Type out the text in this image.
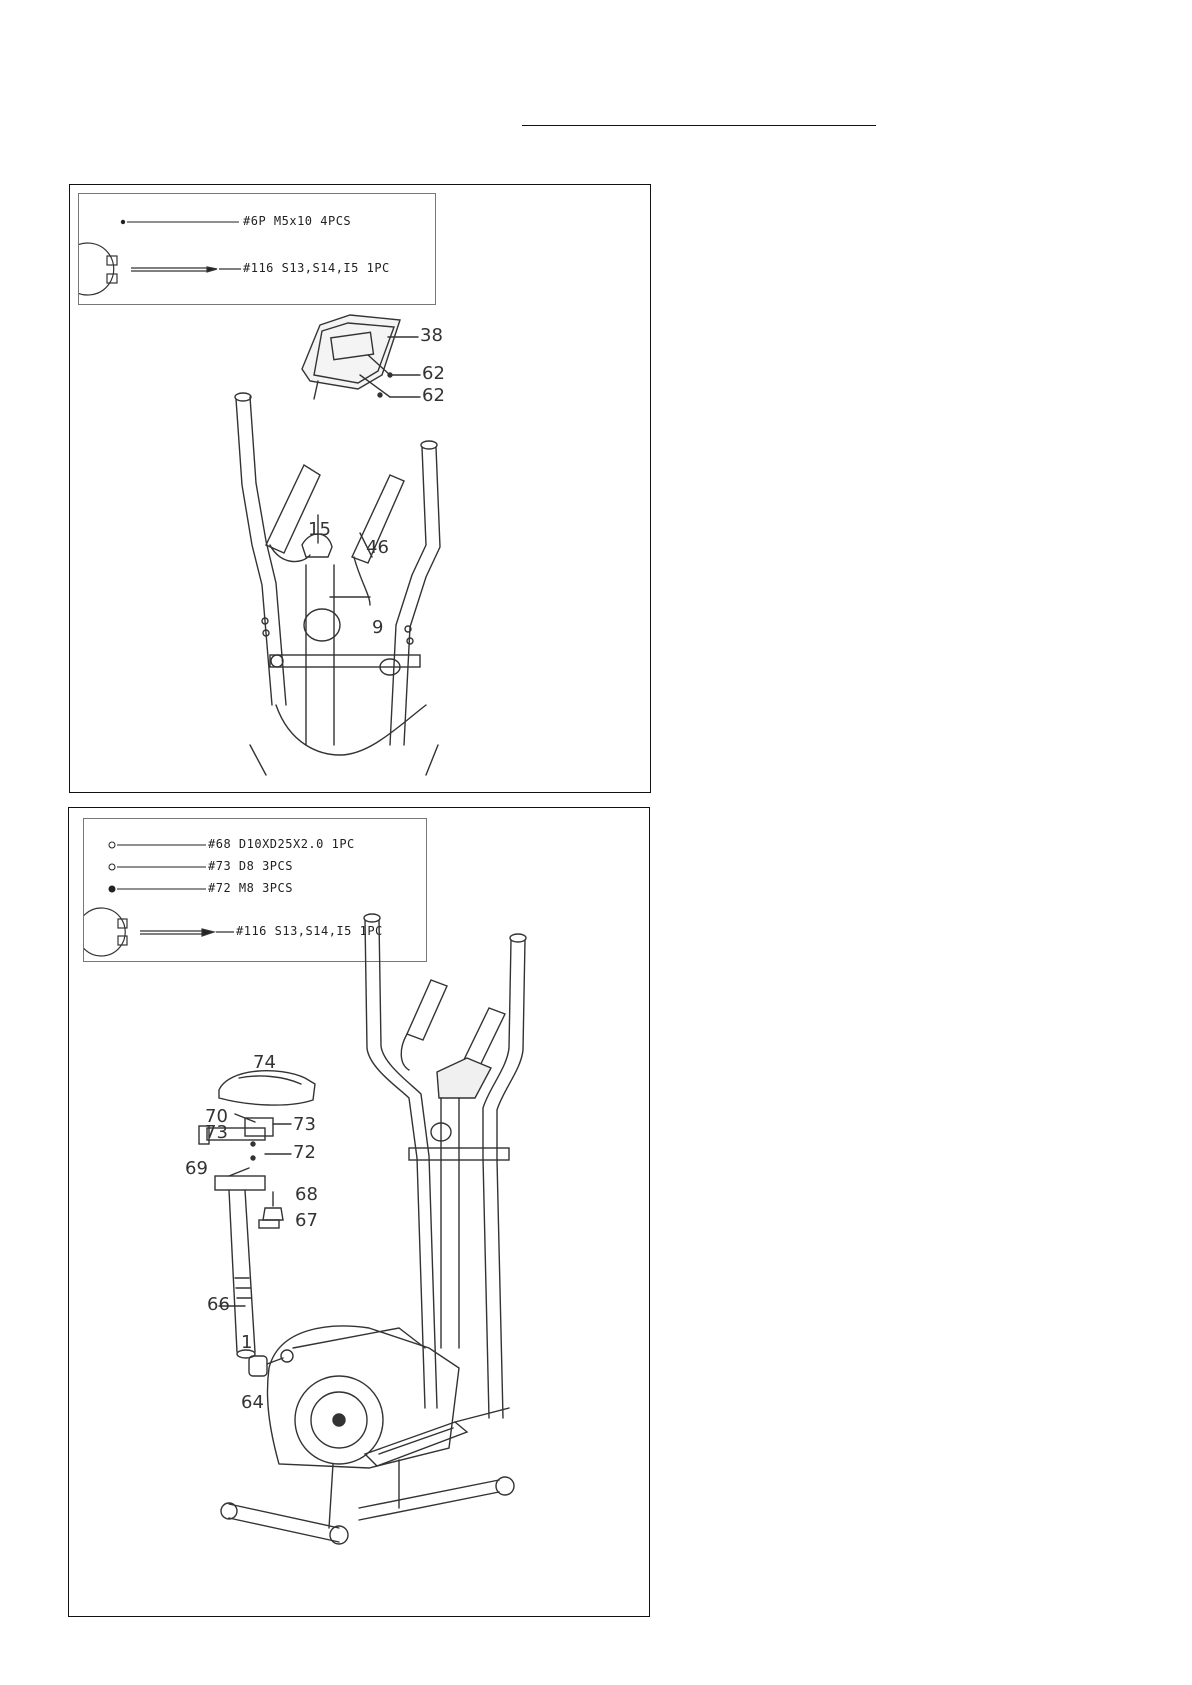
#6P M5x10 4PCS
#116 S13,S14,I5 1PC
38
62
62
15
46
9
#68 D10XD25X2.0 1PC
#73 D8 3PCS
#72 M8 3PCS
#116 S13,S14,I5 1PC
74
70	73
73
69
72
68
67
66
1
64
